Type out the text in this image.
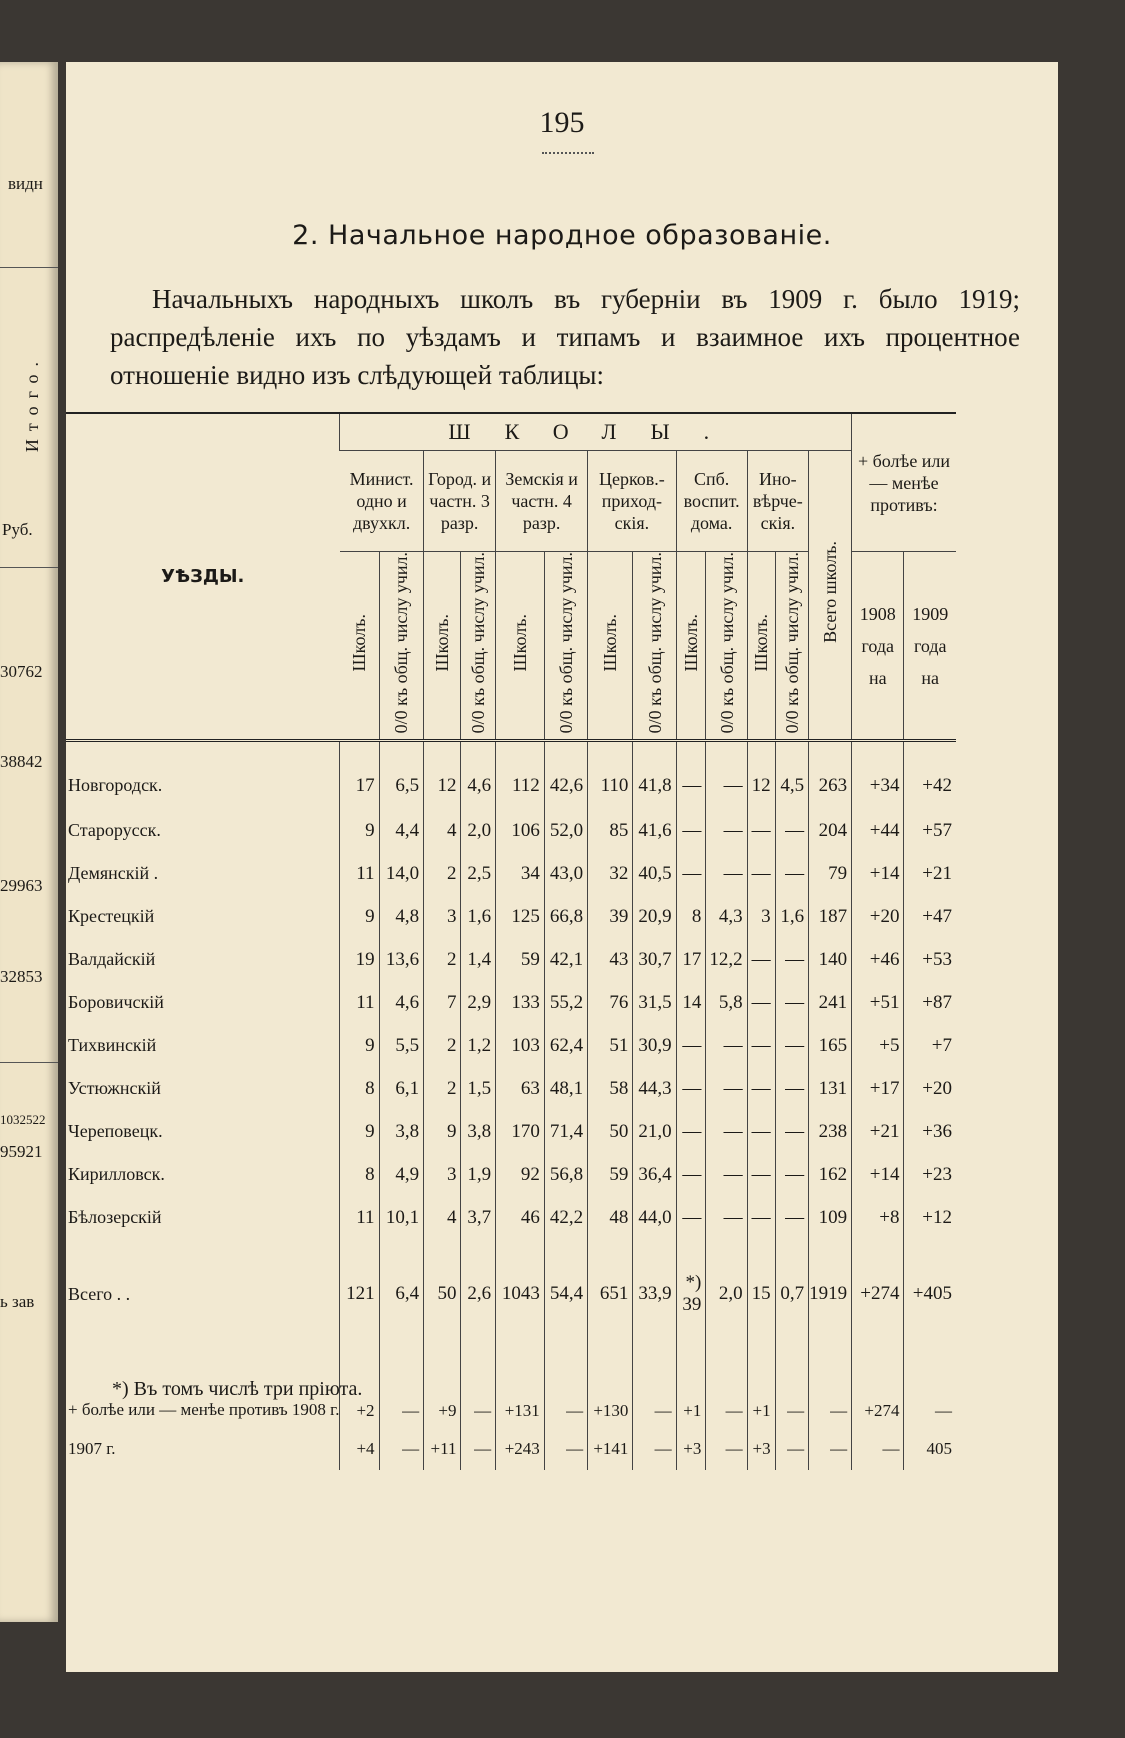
видн
Итого.
Руб.
30762
38842
29963
32853
1032522
95921
ь зав
195
2. Начальное народное образованіе.
Начальныхъ народныхъ школъ въ губерніи въ 1909 г. было 1919; распредѣленіе ихъ по уѣздамъ и типамъ и взаимное ихъ процентное отношеніе видно изъ слѣдующей таблицы:
УѢЗДЫ.	ШКОЛЫ.													+ болѣе или — менѣе противъ:	
	Минист. одно и двухкл.		Город. и частн. 3 разр.		Земскія и частн. 4 разр.		Церков.- приход- скія.		Спб. воспит. дома.		Ино- вѣрче- скія.		Всего школъ.		
	Школъ.	0/0 къ общ. числу учил.	Школъ.	0/0 къ общ. числу учил.	Школъ.	0/0 къ общ. числу учил.	Школъ.	0/0 къ общ. числу учил.	Школъ.	0/0 къ общ. числу учил.	Школъ.	0/0 къ общ. числу учил.		1908 года на	1909 года на
Новгородск.	17	6,5	12	4,6	112	42,6	110	41,8	—	—	12	4,5	263	+34	+42
Старорусск.	9	4,4	4	2,0	106	52,0	85	41,6	—	—	—	—	204	+44	+57
Демянскій .	11	14,0	2	2,5	34	43,0	32	40,5	—	—	—	—	79	+14	+21
Крестецкій	9	4,8	3	1,6	125	66,8	39	20,9	8	4,3	3	1,6	187	+20	+47
Валдайскій	19	13,6	2	1,4	59	42,1	43	30,7	17	12,2	—	—	140	+46	+53
Боровичскій	11	4,6	7	2,9	133	55,2	76	31,5	14	5,8	—	—	241	+51	+87
Тихвинскій	9	5,5	2	1,2	103	62,4	51	30,9	—	—	—	—	165	+5	+7
Устюжнскій	8	6,1	2	1,5	63	48,1	58	44,3	—	—	—	—	131	+17	+20
Череповецк.	9	3,8	9	3,8	170	71,4	50	21,0	—	—	—	—	238	+21	+36
Кирилловск.	8	4,9	3	1,9	92	56,8	59	36,4	—	—	—	—	162	+14	+23
Бѣлозерскій	11	10,1	4	3,7	46	42,2	48	44,0	—	—	—	—	109	+8	+12

Всего . .	121	6,4	50	2,6	1043	54,4	651	33,9	*) 39	2,0	15	0,7	1919	+274	+405
+ болѣе или — менѣе противъ 1908 г.	+2	—	+9	—	+131	—	+130	—	+1	—	+1	—	—	+274	—
1907 г.	+4	—	+11	—	+243	—	+141	—	+3	—	+3	—	—	—	405
*) Въ томъ числѣ три пріюта.
